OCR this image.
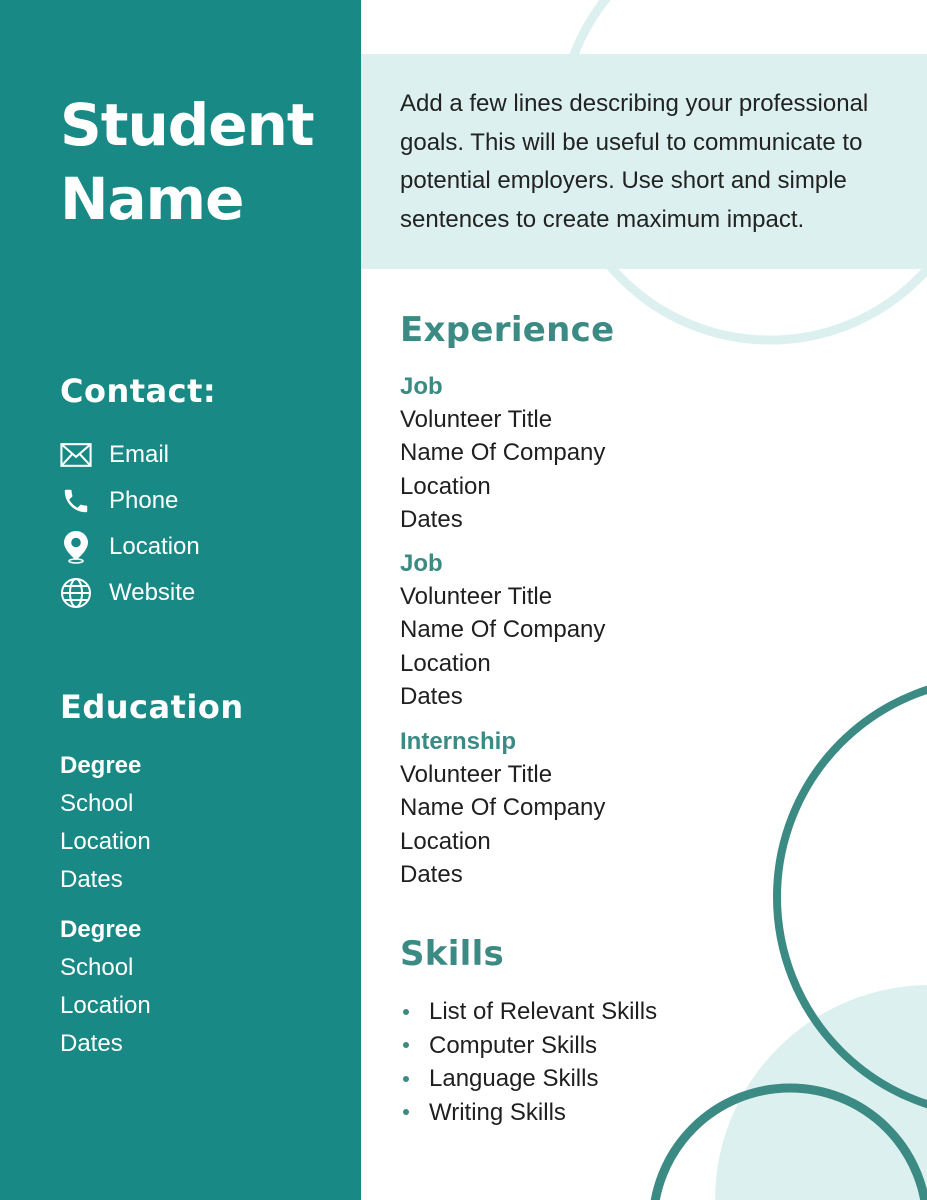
Add a few lines describing your professional goals. This will be useful to communicate to potential employers. Use short and simple sentences to create maximum impact.

Student
Name
Contact:
Email
Phone
Location
Website
Education
Degree
School
Location
Dates
Degree
School
Location
Dates
Experience
Job
Volunteer Title
Name Of Company
Location
Dates
Job
Volunteer Title
Name Of Company
Location
Dates
Internship
Volunteer Title
Name Of Company
Location
Dates
Skills
List of Relevant Skills
Computer Skills
Language Skills
Writing Skills
